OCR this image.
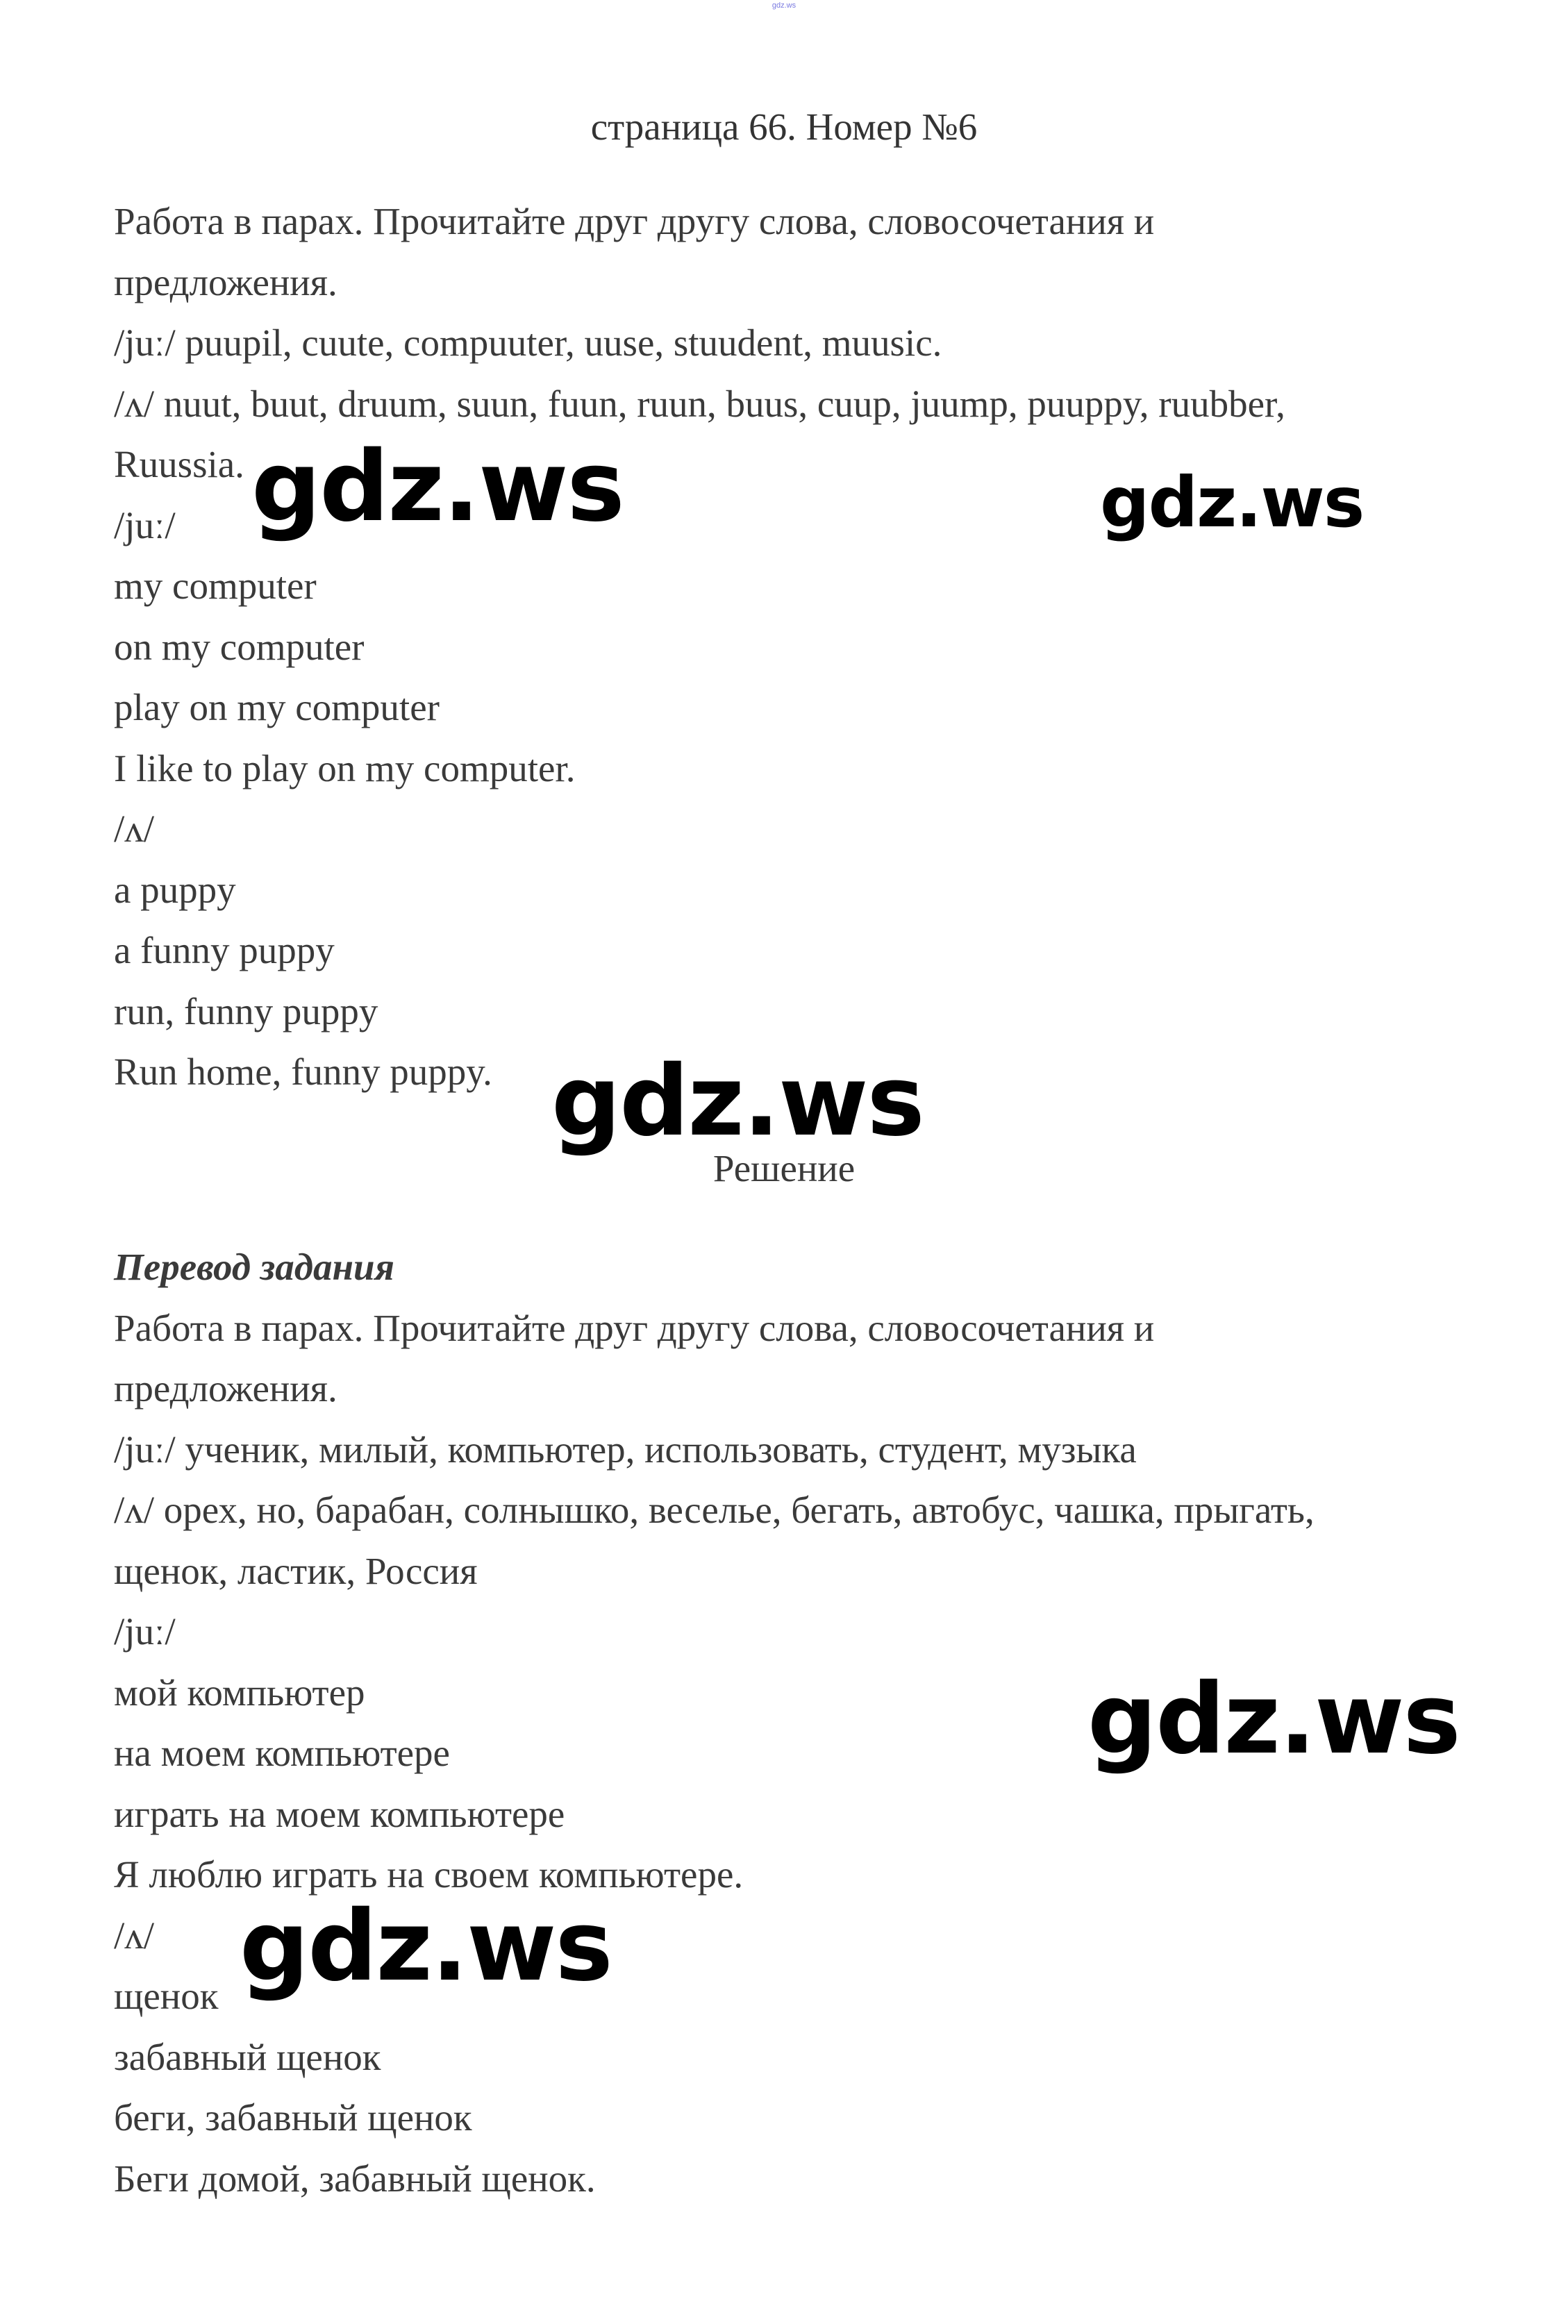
gdz.ws
страница 66. Номер №6
Работа в парах. Прочитайте друг другу слова, словосочетания и
предложения.
/juː/ puupil, cuute, compuuter, uuse, stuudent, muusic.
/ʌ/ nuut, buut, druum, suun, fuun, ruun, buus, cuup, juump, puuppy, ruubber,
Ruussia.
/juː/
my computer
on my computer
play on my computer
I like to play on my computer.
/ʌ/
a puppy
a funny puppy
run, funny puppy
Run home, funny puppy.
Решение
Перевод задания
Работа в парах. Прочитайте друг другу слова, словосочетания и
предложения.
/juː/ ученик, милый, компьютер, использовать, студент, музыка
/ʌ/ орех, но, барабан, солнышко, веселье, бегать, автобус, чашка, прыгать,
щенок, ластик, Россия
/juː/
мой компьютер
на моем компьютере
играть на моем компьютере
Я люблю играть на своем компьютере.
/ʌ/
щенок
забавный щенок
беги, забавный щенок
Беги домой, забавный щенок.
gdz.ws	gdz.ws
gdz.ws
gdz.ws
gdz.ws
